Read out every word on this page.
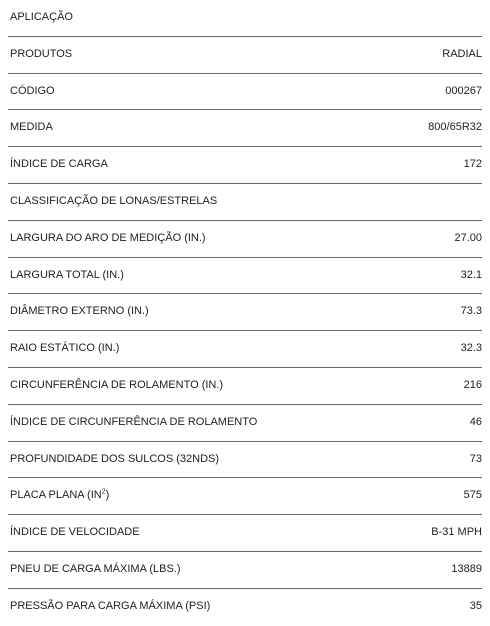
APLICAÇÃO
PRODUTOS	RADIAL
CÓDIGO	000267
MEDIDA	800/65R32
ÍNDICE DE CARGA	172
CLASSIFICAÇÃO DE LONAS/ESTRELAS
LARGURA DO ARO DE MEDIÇÃO (IN.)	27.00
LARGURA TOTAL (IN.)	32.1
DIÂMETRO EXTERNO (IN.)	73.3
RAIO ESTÁTICO (IN.)	32.3
CIRCUNFERÊNCIA DE ROLAMENTO (IN.)	216
ÍNDICE DE CIRCUNFERÊNCIA DE ROLAMENTO	46
PROFUNDIDADE DOS SULCOS (32NDS)	73
PLACA PLANA $(IN^2)$	575
ÍNDICE DE VELOCIDADE	B-31 MPH
PNEU DE CARGA MÁXIMA (LBS.)	13889
PRESSÃO PARA CARGA MÁXIMA (PSI)	35
